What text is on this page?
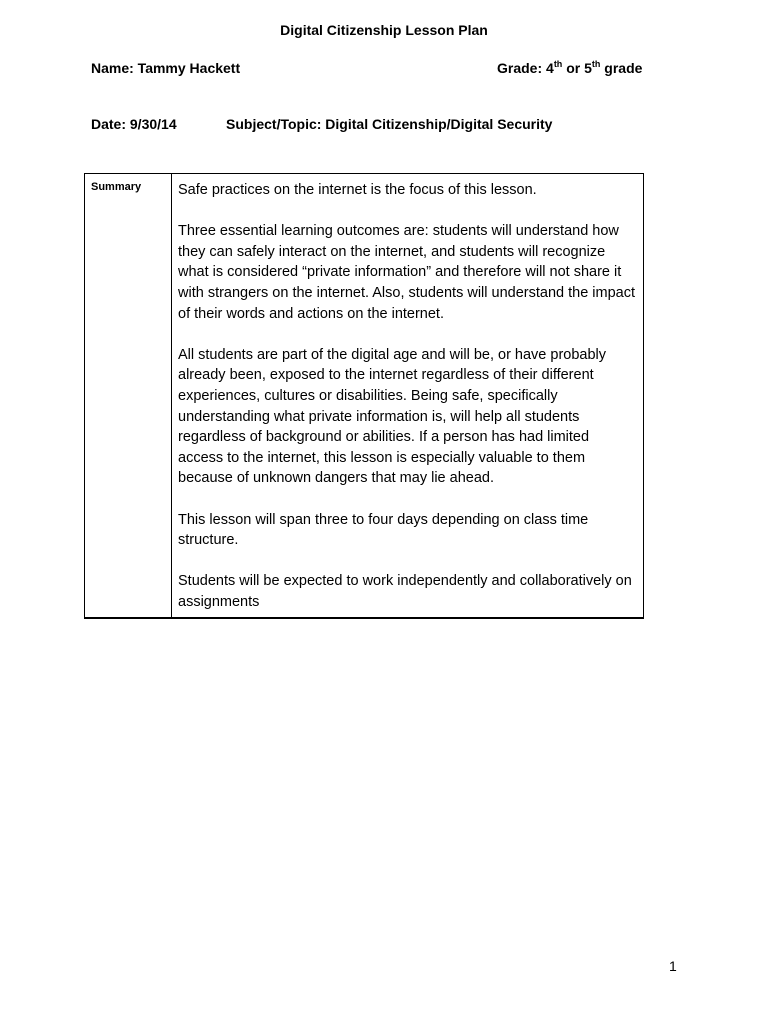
Digital Citizenship Lesson Plan
Name: Tammy Hackett	Grade: 4th or 5th grade
Date: 9/30/14	Subject/Topic: Digital Citizenship/Digital Security
Summary	Safe practices on the internet is the focus of this lesson.

Three essential learning outcomes are: students will understand how they can safely interact on the internet, and students will recognize what is considered “private information” and therefore will not share it with strangers on the internet. Also, students will understand the impact of their words and actions on the internet.

All students are part of the digital age and will be, or have probably already been, exposed to the internet regardless of their different experiences, cultures or disabilities. Being safe, specifically understanding what private information is, will help all students regardless of background or abilities. If a person has had limited access to the internet, this lesson is especially valuable to them because of unknown dangers that may lie ahead.

This lesson will span three to four days depending on class time structure.

Students will be expected to work independently and collaboratively on assignments

1
